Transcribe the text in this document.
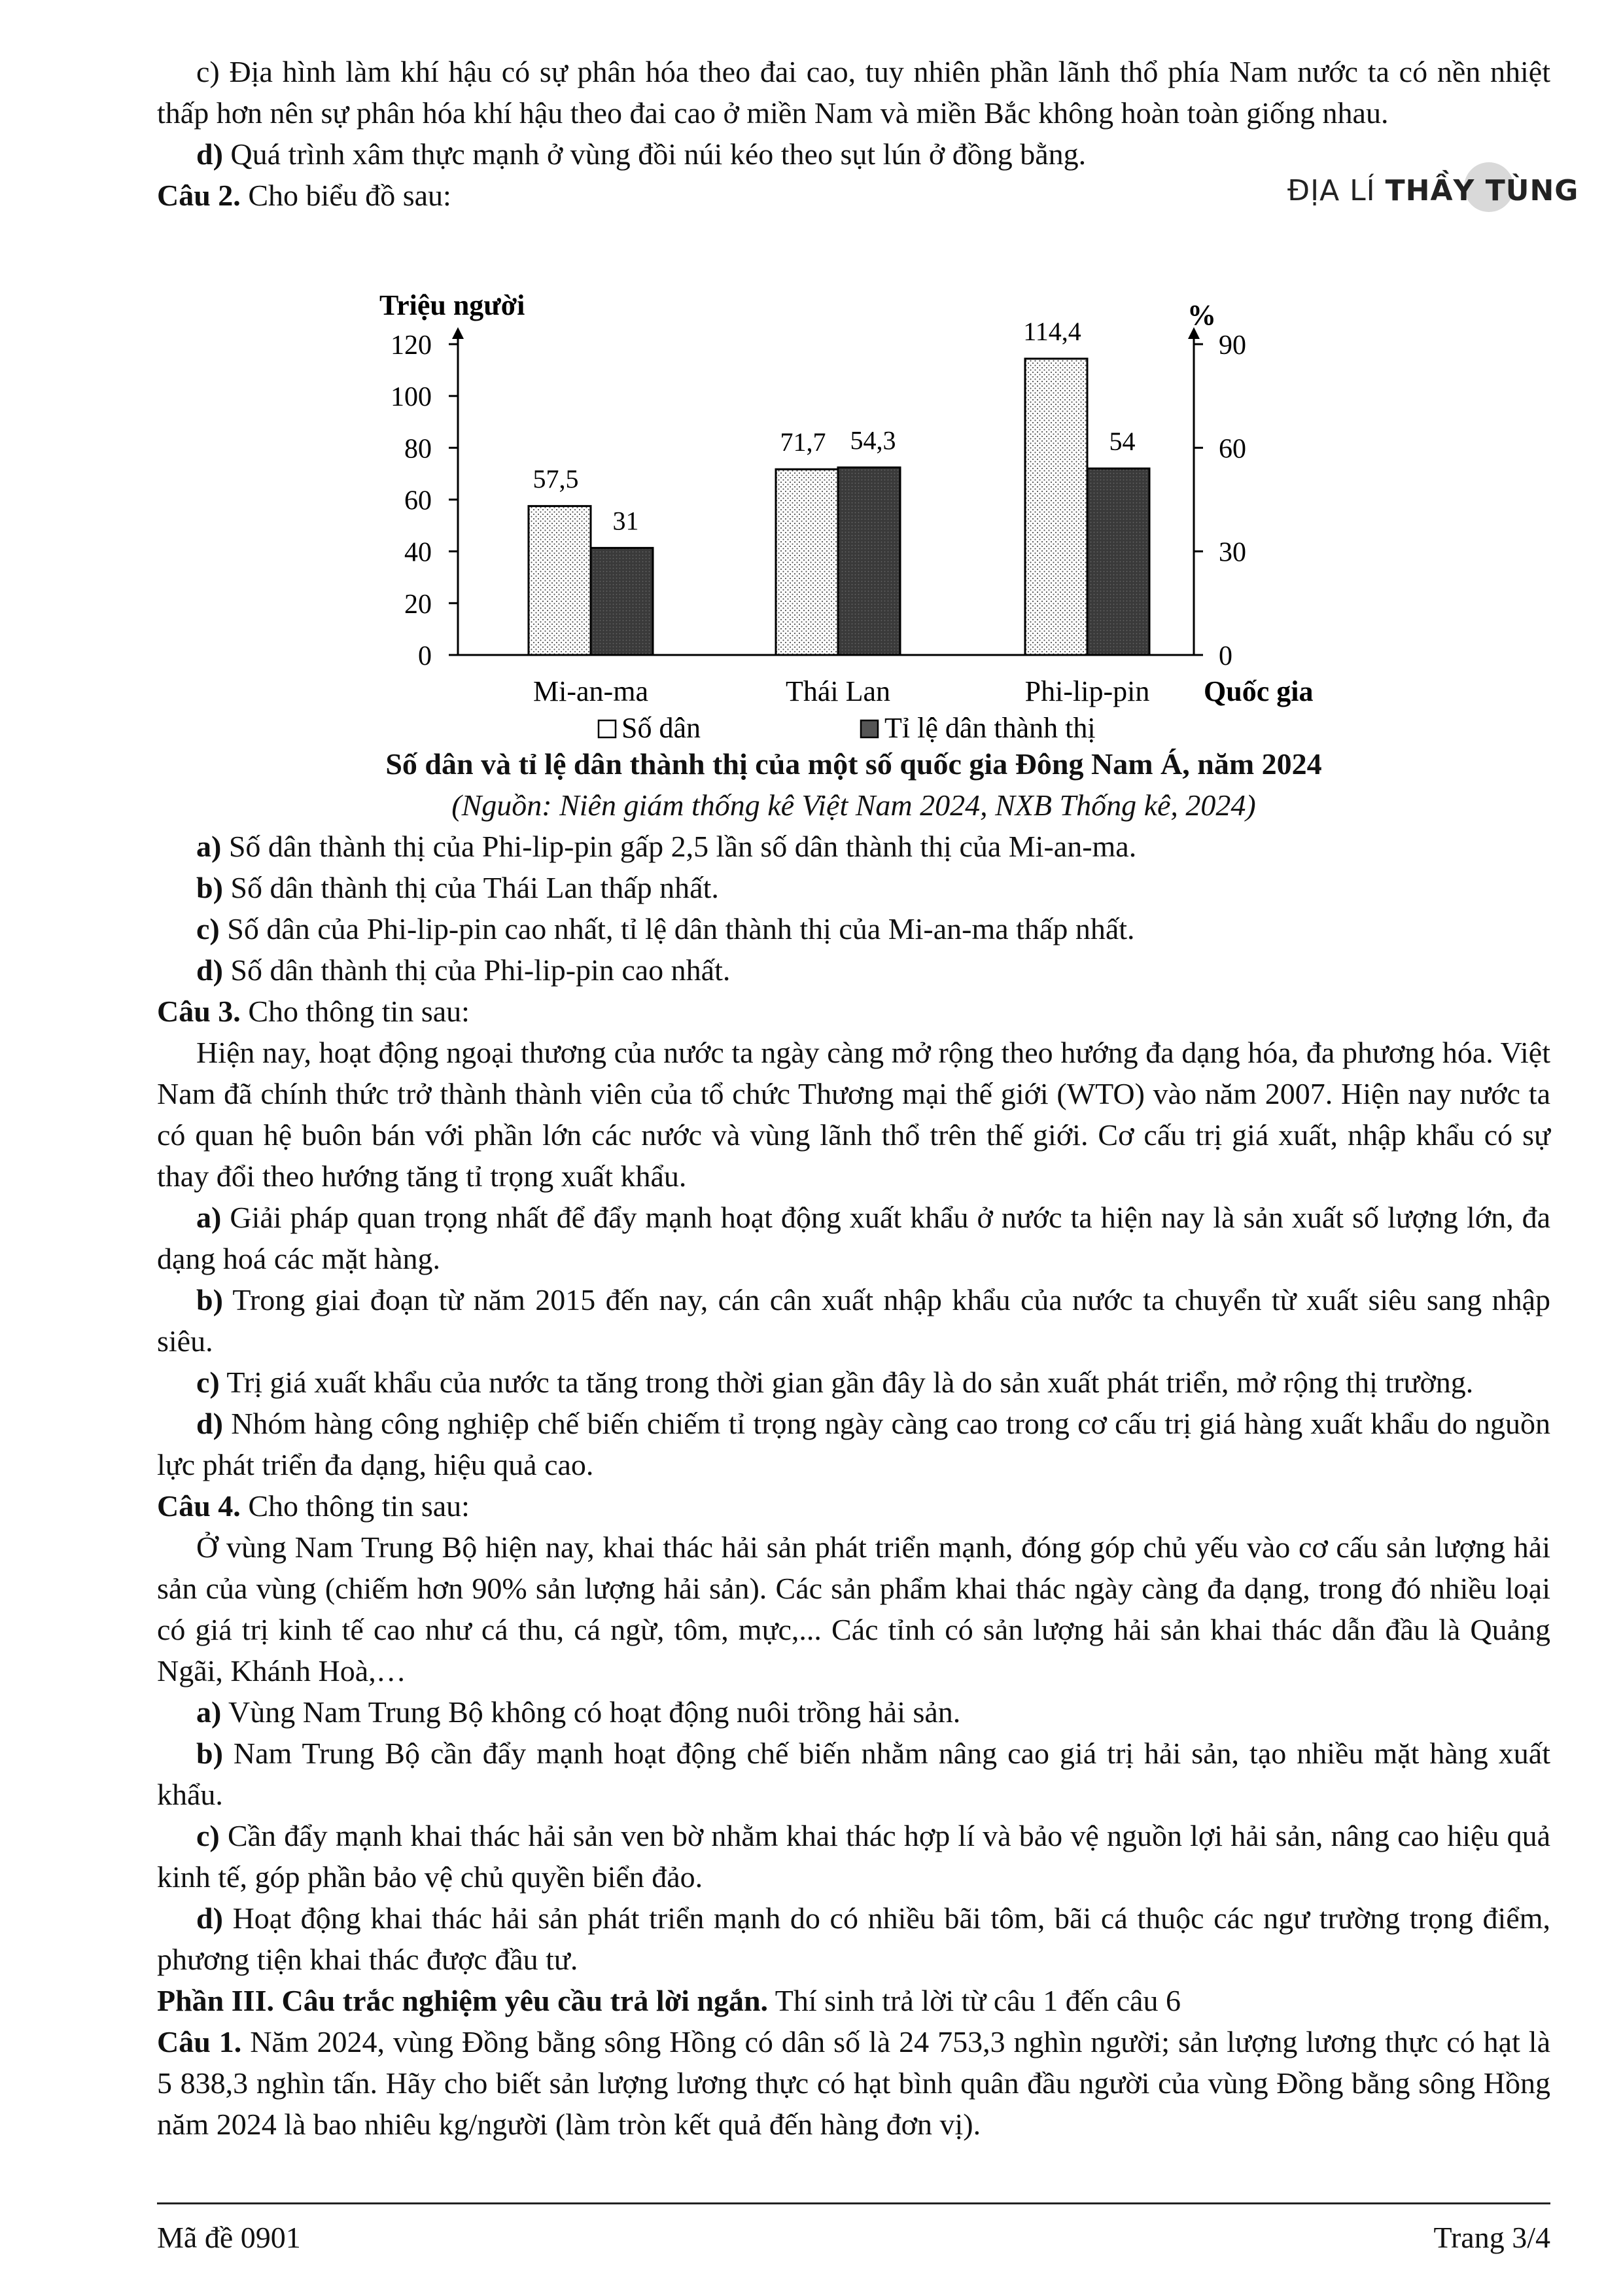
ĐỊA LÍ THẦY TÙNG

c) Địa hình làm khí hậu có sự phân hóa theo đai cao, tuy nhiên phần lãnh thổ phía Nam nước ta có nền nhiệt thấp hơn nên sự phân hóa khí hậu theo đai cao ở miền Nam và miền Bắc không hoàn toàn giống nhau.

d) Quá trình xâm thực mạnh ở vùng đồi núi kéo theo sụt lún ở đồng bằng.

Câu 2. Cho biểu đồ sau:

0
20
40
60
80
100
120
0
30
60
90
Triệu người	%
Quốc gia
Số dân	Tỉ lệ dân thành thị
Mi-an-ma
57,5
31
Thái Lan
71,7 54,3
Phi-lip-pin
114,4
54

Số dân và tỉ lệ dân thành thị của một số quốc gia Đông Nam Á, năm 2024

(Nguồn: Niên giám thống kê Việt Nam 2024, NXB Thống kê, 2024)

a) Số dân thành thị của Phi-lip-pin gấp 2,5 lần số dân thành thị của Mi-an-ma.

b) Số dân thành thị của Thái Lan thấp nhất.

c) Số dân của Phi-lip-pin cao nhất, tỉ lệ dân thành thị của Mi-an-ma thấp nhất.

d) Số dân thành thị của Phi-lip-pin cao nhất.

Câu 3. Cho thông tin sau:

Hiện nay, hoạt động ngoại thương của nước ta ngày càng mở rộng theo hướng đa dạng hóa, đa phương hóa. Việt Nam đã chính thức trở thành thành viên của tổ chức Thương mại thế giới (WTO) vào năm 2007. Hiện nay nước ta có quan hệ buôn bán với phần lớn các nước và vùng lãnh thổ trên thế giới. Cơ cấu trị giá xuất, nhập khẩu có sự thay đổi theo hướng tăng tỉ trọng xuất khẩu.

a) Giải pháp quan trọng nhất để đẩy mạnh hoạt động xuất khẩu ở nước ta hiện nay là sản xuất số lượng lớn, đa dạng hoá các mặt hàng.

b) Trong giai đoạn từ năm 2015 đến nay, cán cân xuất nhập khẩu của nước ta chuyển từ xuất siêu sang nhập siêu.

c) Trị giá xuất khẩu của nước ta tăng trong thời gian gần đây là do sản xuất phát triển, mở rộng thị trường.

d) Nhóm hàng công nghiệp chế biến chiếm tỉ trọng ngày càng cao trong cơ cấu trị giá hàng xuất khẩu do nguồn lực phát triển đa dạng, hiệu quả cao.

Câu 4. Cho thông tin sau:

Ở vùng Nam Trung Bộ hiện nay, khai thác hải sản phát triển mạnh, đóng góp chủ yếu vào cơ cấu sản lượng hải sản của vùng (chiếm hơn 90% sản lượng hải sản). Các sản phẩm khai thác ngày càng đa dạng, trong đó nhiều loại có giá trị kinh tế cao như cá thu, cá ngừ, tôm, mực,... Các tỉnh có sản lượng hải sản khai thác dẫn đầu là Quảng Ngãi, Khánh Hoà,…

a) Vùng Nam Trung Bộ không có hoạt động nuôi trồng hải sản.

b) Nam Trung Bộ cần đẩy mạnh hoạt động chế biến nhằm nâng cao giá trị hải sản, tạo nhiều mặt hàng xuất khẩu.

c) Cần đẩy mạnh khai thác hải sản ven bờ nhằm khai thác hợp lí và bảo vệ nguồn lợi hải sản, nâng cao hiệu quả kinh tế, góp phần bảo vệ chủ quyền biển đảo.

d) Hoạt động khai thác hải sản phát triển mạnh do có nhiều bãi tôm, bãi cá thuộc các ngư trường trọng điểm, phương tiện khai thác được đầu tư.

Phần III. Câu trắc nghiệm yêu cầu trả lời ngắn. Thí sinh trả lời từ câu 1 đến câu 6

Câu 1. Năm 2024, vùng Đồng bằng sông Hồng có dân số là 24 753,3 nghìn người; sản lượng lương thực có hạt là 5 838,3 nghìn tấn. Hãy cho biết sản lượng lương thực có hạt bình quân đầu người của vùng Đồng bằng sông Hồng năm 2024 là bao nhiêu kg/người (làm tròn kết quả đến hàng đơn vị).

Mã đề 0901	Trang 3/4
